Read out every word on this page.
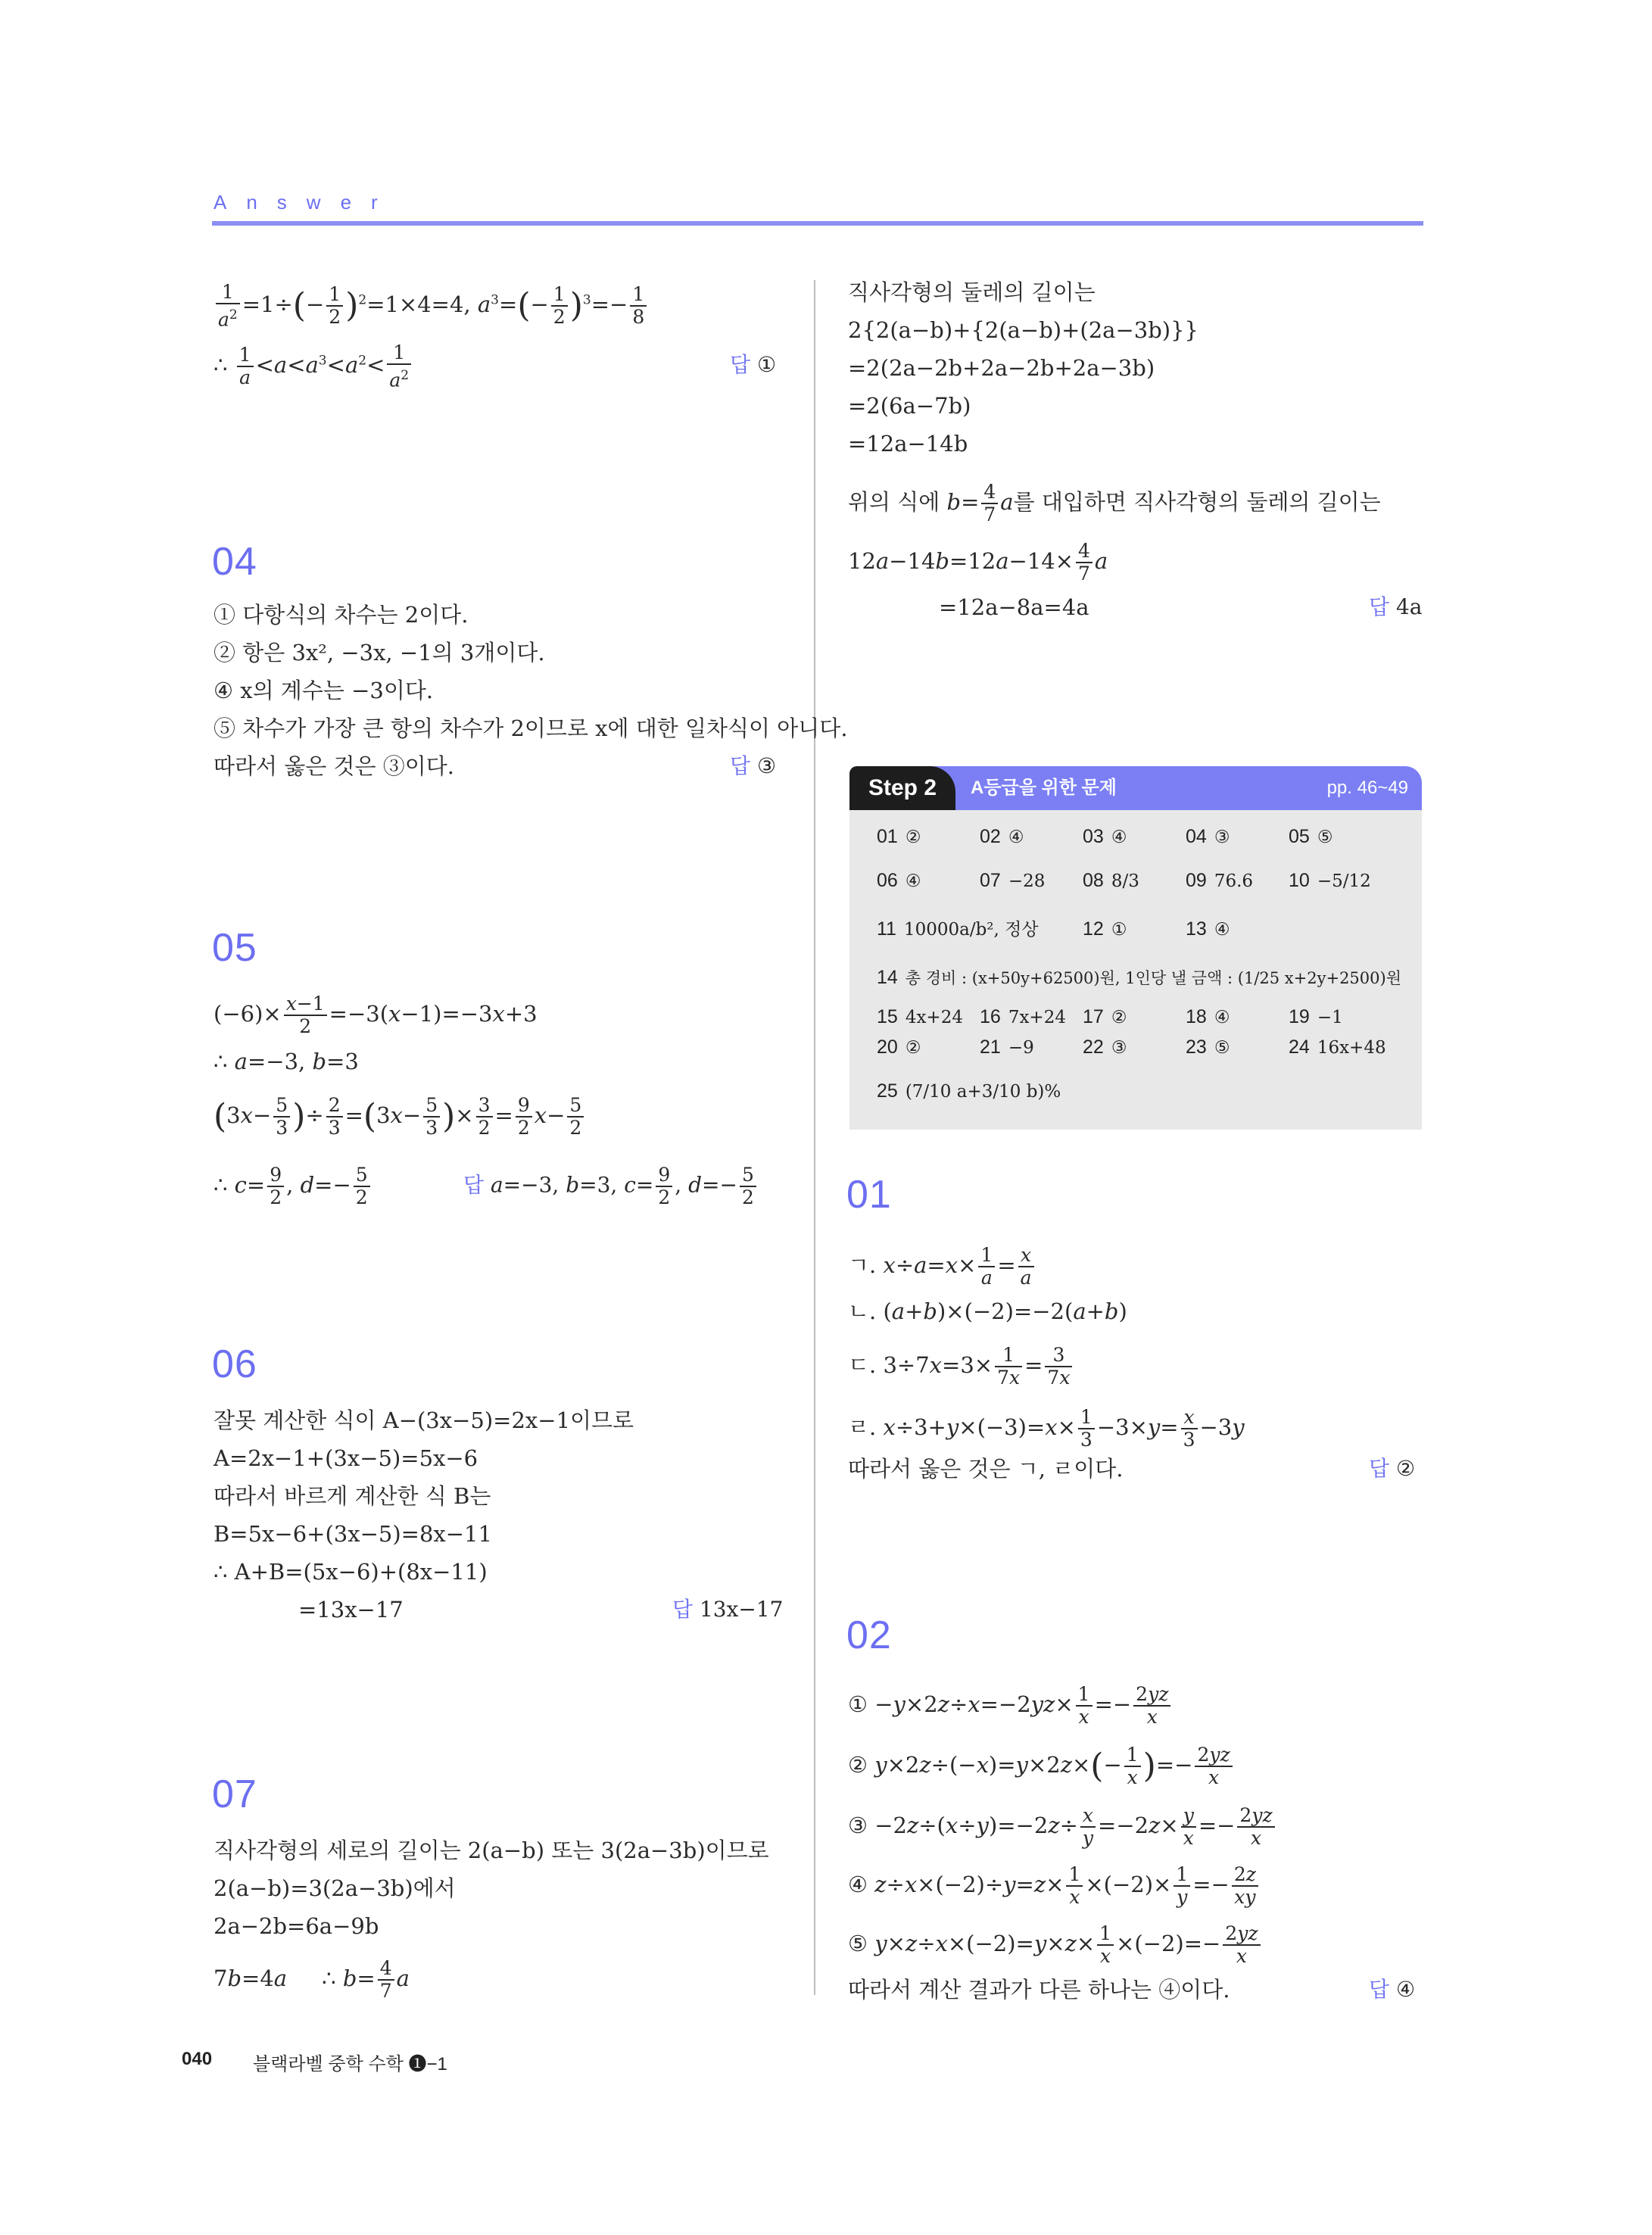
Answer
$\frac{1}{a^2} =1\div(- \frac{1}{2} )^2=1\times 4=4$, $a^3=(- \frac{1}{2} )^3=- \frac{1}{8}$
∴ $\frac{1}{a} <a<a^3<a^2< \frac{1}{a^2}$	답 ①
04
① 다항식의 차수는 2이다.
② 항은 3x², −3x, −1의 3개이다.
④ x의 계수는 −3이다.
⑤ 차수가 가장 큰 항의 차수가 2이므로 x에 대한 일차식이 아니다.
따라서 옳은 것은 ③이다.	답 ③
05
$(-6)\times \frac{x-1}{2} =-3(x-1)=-3x+3$
∴ a=−3, b=3
($3x- \frac{5}{3}$ )÷ $\frac{2}{3} =(3x- \frac{5}{3}$ )× $\frac{3}{2} = \frac{9}{2} x- \frac{5}{2}$
∴ $c= \frac{9}{2}$ , $d=- \frac{5}{2}$	답 a=−3, b=3, $c= \frac{9}{2}$ , $d=- \frac{5}{2}$
06
잘못 계산한 식이 A−(3x−5)=2x−1이므로
A=2x−1+(3x−5)=5x−6
따라서 바르게 계산한 식 B는
B=5x−6+(3x−5)=8x−11
∴ A+B=(5x−6)+(8x−11)
=13x−17	답 13x−17
07
직사각형의 세로의 길이는 2(a−b) 또는 3(2a−3b)이므로
2(a−b)=3(2a−3b)에서
2a−2b=6a−9b
7b=4a     ∴ $b= \frac{4}{7}$ a
직사각형의 둘레의 길이는
2{2(a−b)+{2(a−b)+(2a−3b)}}
=2(2a−2b+2a−2b+2a−3b)
=2(6a−7b)
=12a−14b
위의 식에 $b= \frac{4}{7}$ a를 대입하면 직사각형의 둘레의 길이는
$12a-14b=12a-14\times \frac{4}{7}$ a
=12a−8a=4a	답 4a
Step 2	A등급을 위한 문제	pp. 46~49
01 ②	02 ④	03 ④	04 ③	05 ⑤
06 ④	07 −28 08 8/3 09 76.6 10 −5/12
11 10000a/b², 정상 12 ①	13 ④
14 총 경비 : (x+50y+62500)원, 1인당 낼 금액 : (1/25 x+2y+2500)원
15 4x+24 16 7x+24 17 ②	18 ④	19 −1
20 ②	21 −9	22 ③	23 ⑤	24 16x+48
25 (7/10 a+3/10 b)%
01
ㄱ. $x\div a=x\times \frac{1}{a} = \frac{x}{a}$
ㄴ. (a+b)×(−2)=−2(a+b)
ㄷ. $3\div 7x=3\times \frac{1}{7x} = \frac{3}{7x}$
ㄹ. $x\div 3+y\times(-3)=x\times \frac{1}{3} -3\times y= \frac{x}{3} -3y$
따라서 옳은 것은 ㄱ, ㄹ이다.	답 ②
02
① $-y\times 2z\div x=-2yz\times \frac{1}{x} =- \frac{2yz}{x}$
② $y\times 2z\div(-x)=y\times 2z\times(- \frac{1}{x}$ )=− $\frac{2yz}{x}$
③ $-2z\div(x\div y)=-2z\div \frac{x}{y} =-2z\times \frac{y}{x} =- \frac{2yz}{x}$
④ $z\div x\times(-2)\div y=z\times \frac{1}{x} \times(-2)\times \frac{1}{y} =- \frac{2z}{xy}$
⑤ $y\times z\div x\times(-2)=y\times z\times \frac{1}{x} \times(-2)=- \frac{2yz}{x}$
따라서 계산 결과가 다른 하나는 ④이다.	답 ④
040 블랙라벨 중학 수학 ❶−1
